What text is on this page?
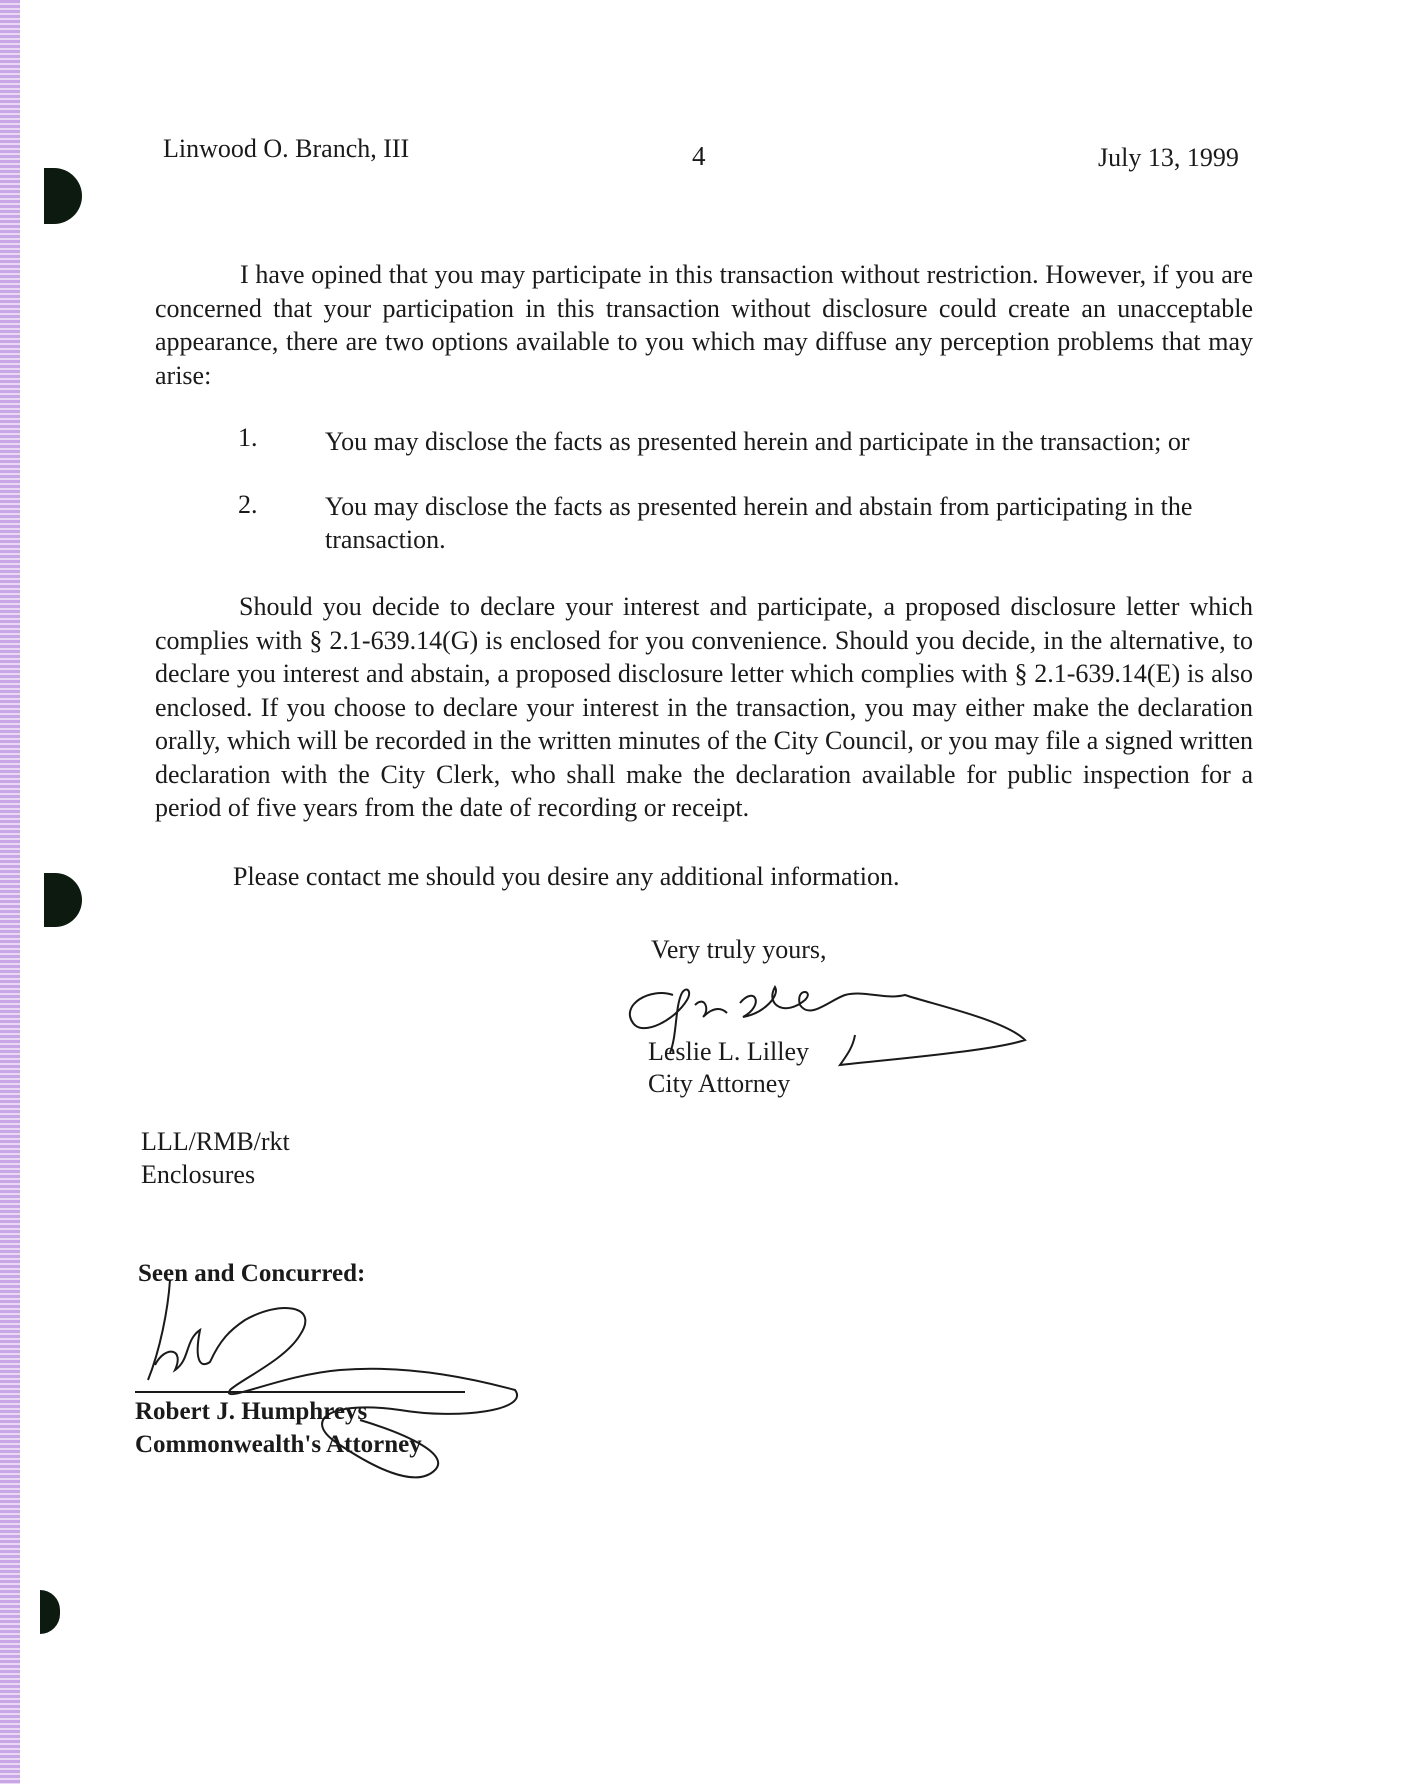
Linwood O. Branch, III	4	July 13, 1999
I have opined that you may participate in this transaction without restriction. However, if you are concerned that your participation in this transaction without disclosure could create an unacceptable appearance, there are two options available to you which may diffuse any perception problems that may arise:
1.	You may disclose the facts as presented herein and participate in the transaction; or
2.	You may disclose the facts as presented herein and abstain from participating in the transaction.
Should you decide to declare your interest and participate, a proposed disclosure letter which complies with § 2.1-639.14(G) is enclosed for you convenience. Should you decide, in the alternative, to declare you interest and abstain, a proposed disclosure letter which complies with § 2.1-639.14(E) is also enclosed. If you choose to declare your interest in the transaction, you may either make the declaration orally, which will be recorded in the written minutes of the City Council, or you may file a signed written declaration with the City Clerk, who shall make the declaration available for public inspection for a period of five years from the date of recording or receipt.
Please contact me should you desire any additional information.
Very truly yours,
Leslie L. Lilley
City Attorney
LLL/RMB/rkt
Enclosures
Seen and Concurred:
Robert J. Humphreys
Commonwealth's Attorney
